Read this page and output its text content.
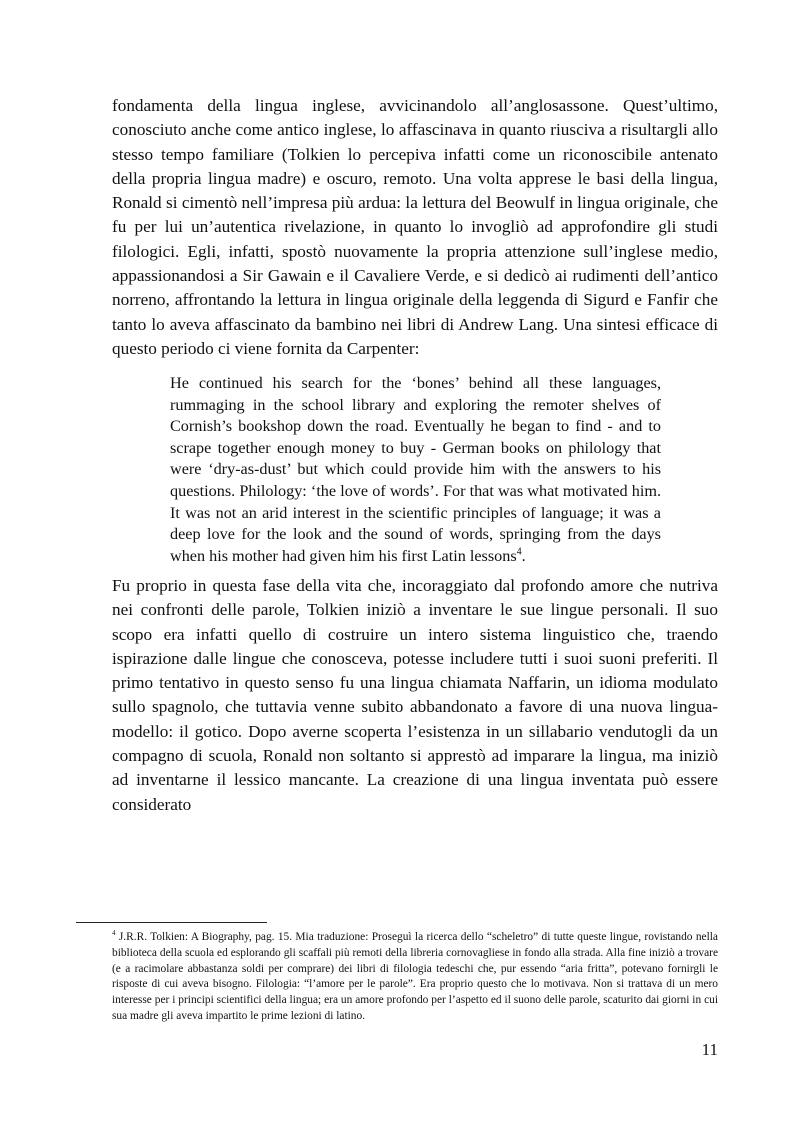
fondamenta della lingua inglese, avvicinandolo all’anglosassone. Quest’ultimo, conosciuto anche come antico inglese, lo affascinava in quanto riusciva a risultargli allo stesso tempo familiare (Tolkien lo percepiva infatti come un riconoscibile antenato della propria lingua madre) e oscuro, remoto. Una volta apprese le basi della lingua, Ronald si cimentò nell’impresa più ardua: la lettura del Beowulf in lingua originale, che fu per lui un’autentica rivelazione, in quanto lo invogliò ad approfondire gli studi filologici. Egli, infatti, spostò nuovamente la propria attenzione sull’inglese medio, appassionandosi a Sir Gawain e il Cavaliere Verde, e si dedicò ai rudimenti dell’antico norreno, affrontando la lettura in lingua originale della leggenda di Sigurd e Fanfir che tanto lo aveva affascinato da bambino nei libri di Andrew Lang. Una sintesi efficace di questo periodo ci viene fornita da Carpenter:

He continued his search for the ‘bones’ behind all these languages, rummaging in the school library and exploring the remoter shelves of Cornish’s bookshop down the road. Eventually he began to find - and to scrape together enough money to buy - German books on philology that were ‘dry-as-dust’ but which could provide him with the answers to his questions. Philology: ‘the love of words’. For that was what motivated him. It was not an arid interest in the scientific principles of language; it was a deep love for the look and the sound of words, springing from the days when his mother had given him his first Latin lessons$^4$.

Fu proprio in questa fase della vita che, incoraggiato dal profondo amore che nutriva nei confronti delle parole, Tolkien iniziò a inventare le sue lingue personali. Il suo scopo era infatti quello di costruire un intero sistema linguistico che, traendo ispirazione dalle lingue che conosceva, potesse includere tutti i suoi suoni preferiti. Il primo tentativo in questo senso fu una lingua chiamata Naffarin, un idioma modulato sullo spagnolo, che tuttavia venne subito abbandonato a favore di una nuova lingua-modello: il gotico. Dopo averne scoperta l’esistenza in un sillabario vendutogli da un compagno di scuola, Ronald non soltanto si apprestò ad imparare la lingua, ma iniziò ad inventarne il lessico mancante. La creazione di una lingua inventata può essere considerato

$^4$ J.R.R. Tolkien: A Biography, pag. 15. Mia traduzione: Proseguì la ricerca dello “scheletro” di tutte queste lingue, rovistando nella biblioteca della scuola ed esplorando gli scaffali più remoti della libreria cornovagliese in fondo alla strada. Alla fine iniziò a trovare (e a racimolare abbastanza soldi per comprare) dei libri di filologia tedeschi che, pur essendo “aria fritta”, potevano fornirgli le risposte di cui aveva bisogno. Filologia: “l’amore per le parole”. Era proprio questo che lo motivava. Non si trattava di un mero interesse per i principi scientifici della lingua; era un amore profondo per l’aspetto ed il suono delle parole, scaturito dai giorni in cui sua madre gli aveva impartito le prime lezioni di latino.

11
